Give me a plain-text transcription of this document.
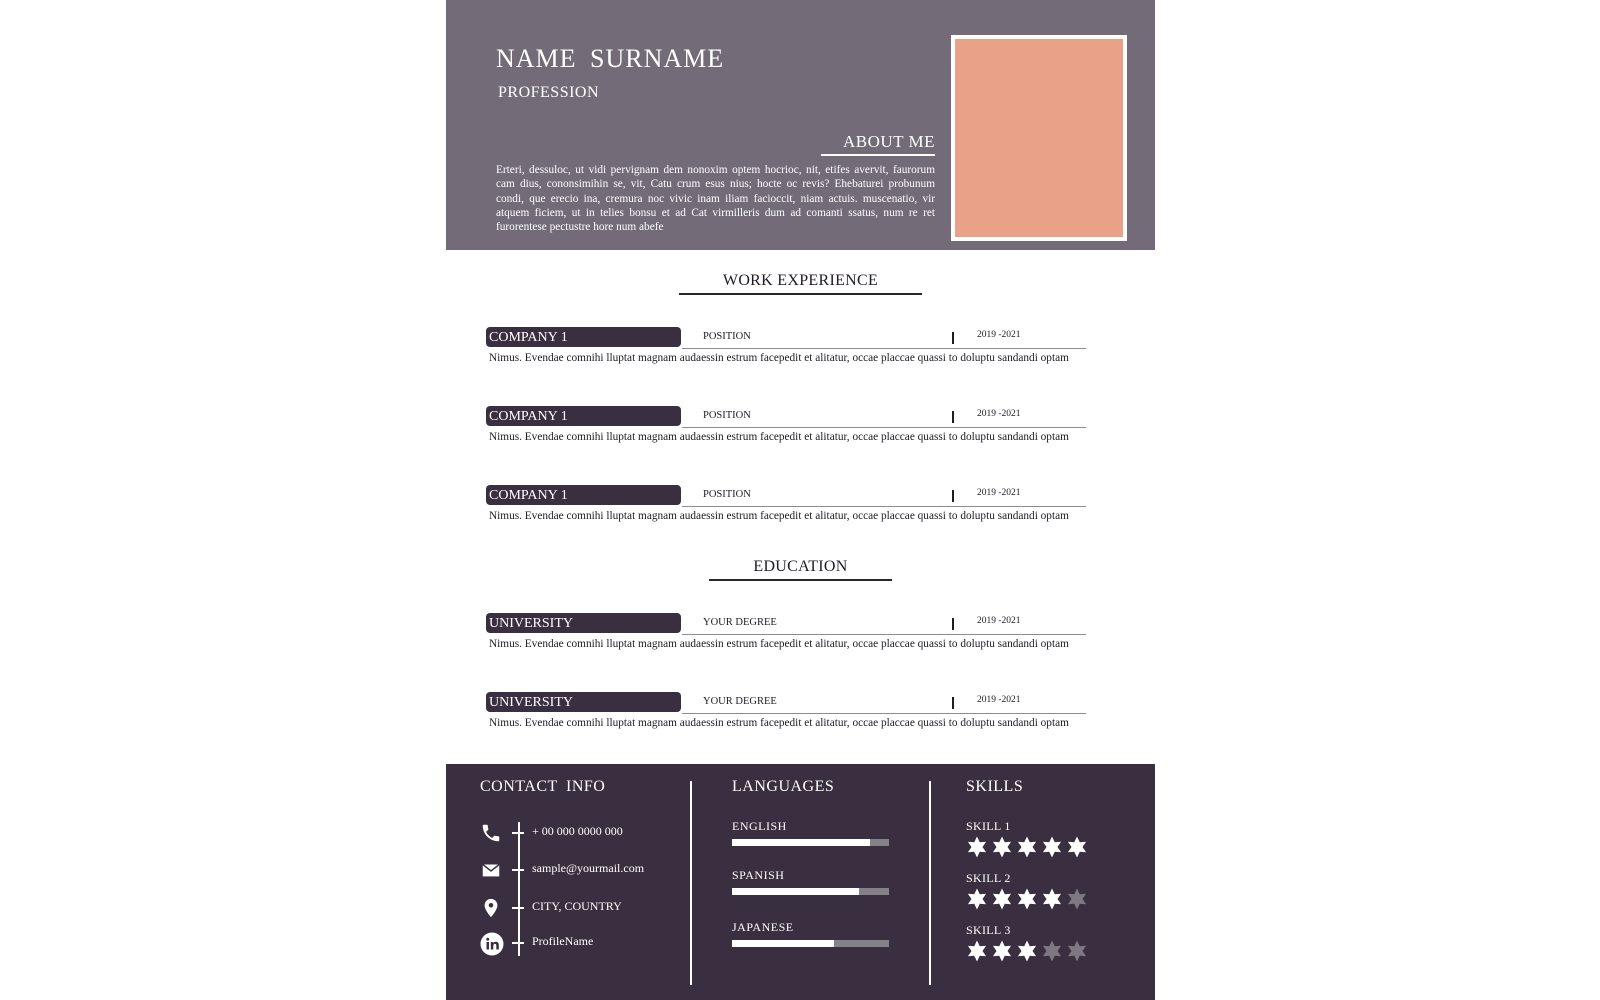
NAME SURNAME
PROFESSION
ABOUT ME
Erteri, dessuloc, ut vidi pervignam dem nonoxim optem hocrioc, nit, etifes avervit, faurorum cam dius, cononsimihin se, vit, Catu crum esus nius; hocte oc revis? Ehebaturei probunum condi, que erecio ina, cremura noc vivic inam iliam facioccit, niam actuis. muscenatio, vir atquem ficiem, ut in telies bonsu et ad Cat virmilleris dum ad comanti ssatus, num re ret furorentese pectustre hore num abefe
WORK EXPERIENCE
COMPANY 1	POSITION	2019 -2021
Nimus. Evendae comnihi lluptat magnam audaessin estrum facepedit et alitatur, occae placcae quassi to doluptu sandandi optam
COMPANY 1	POSITION	2019 -2021
Nimus. Evendae comnihi lluptat magnam audaessin estrum facepedit et alitatur, occae placcae quassi to doluptu sandandi optam
COMPANY 1	POSITION	2019 -2021
Nimus. Evendae comnihi lluptat magnam audaessin estrum facepedit et alitatur, occae placcae quassi to doluptu sandandi optam
EDUCATION
UNIVERSITY	YOUR DEGREE	2019 -2021
Nimus. Evendae comnihi lluptat magnam audaessin estrum facepedit et alitatur, occae placcae quassi to doluptu sandandi optam
UNIVERSITY	YOUR DEGREE	2019 -2021
Nimus. Evendae comnihi lluptat magnam audaessin estrum facepedit et alitatur, occae placcae quassi to doluptu sandandi optam
CONTACT INFO
+ 00 000 0000 000
sample@yourmail.com
CITY, COUNTRY
ProfileName
LANGUAGES
ENGLISH
SPANISH
JAPANESE
SKILLS
SKILL 1
SKILL 2
SKILL 3
